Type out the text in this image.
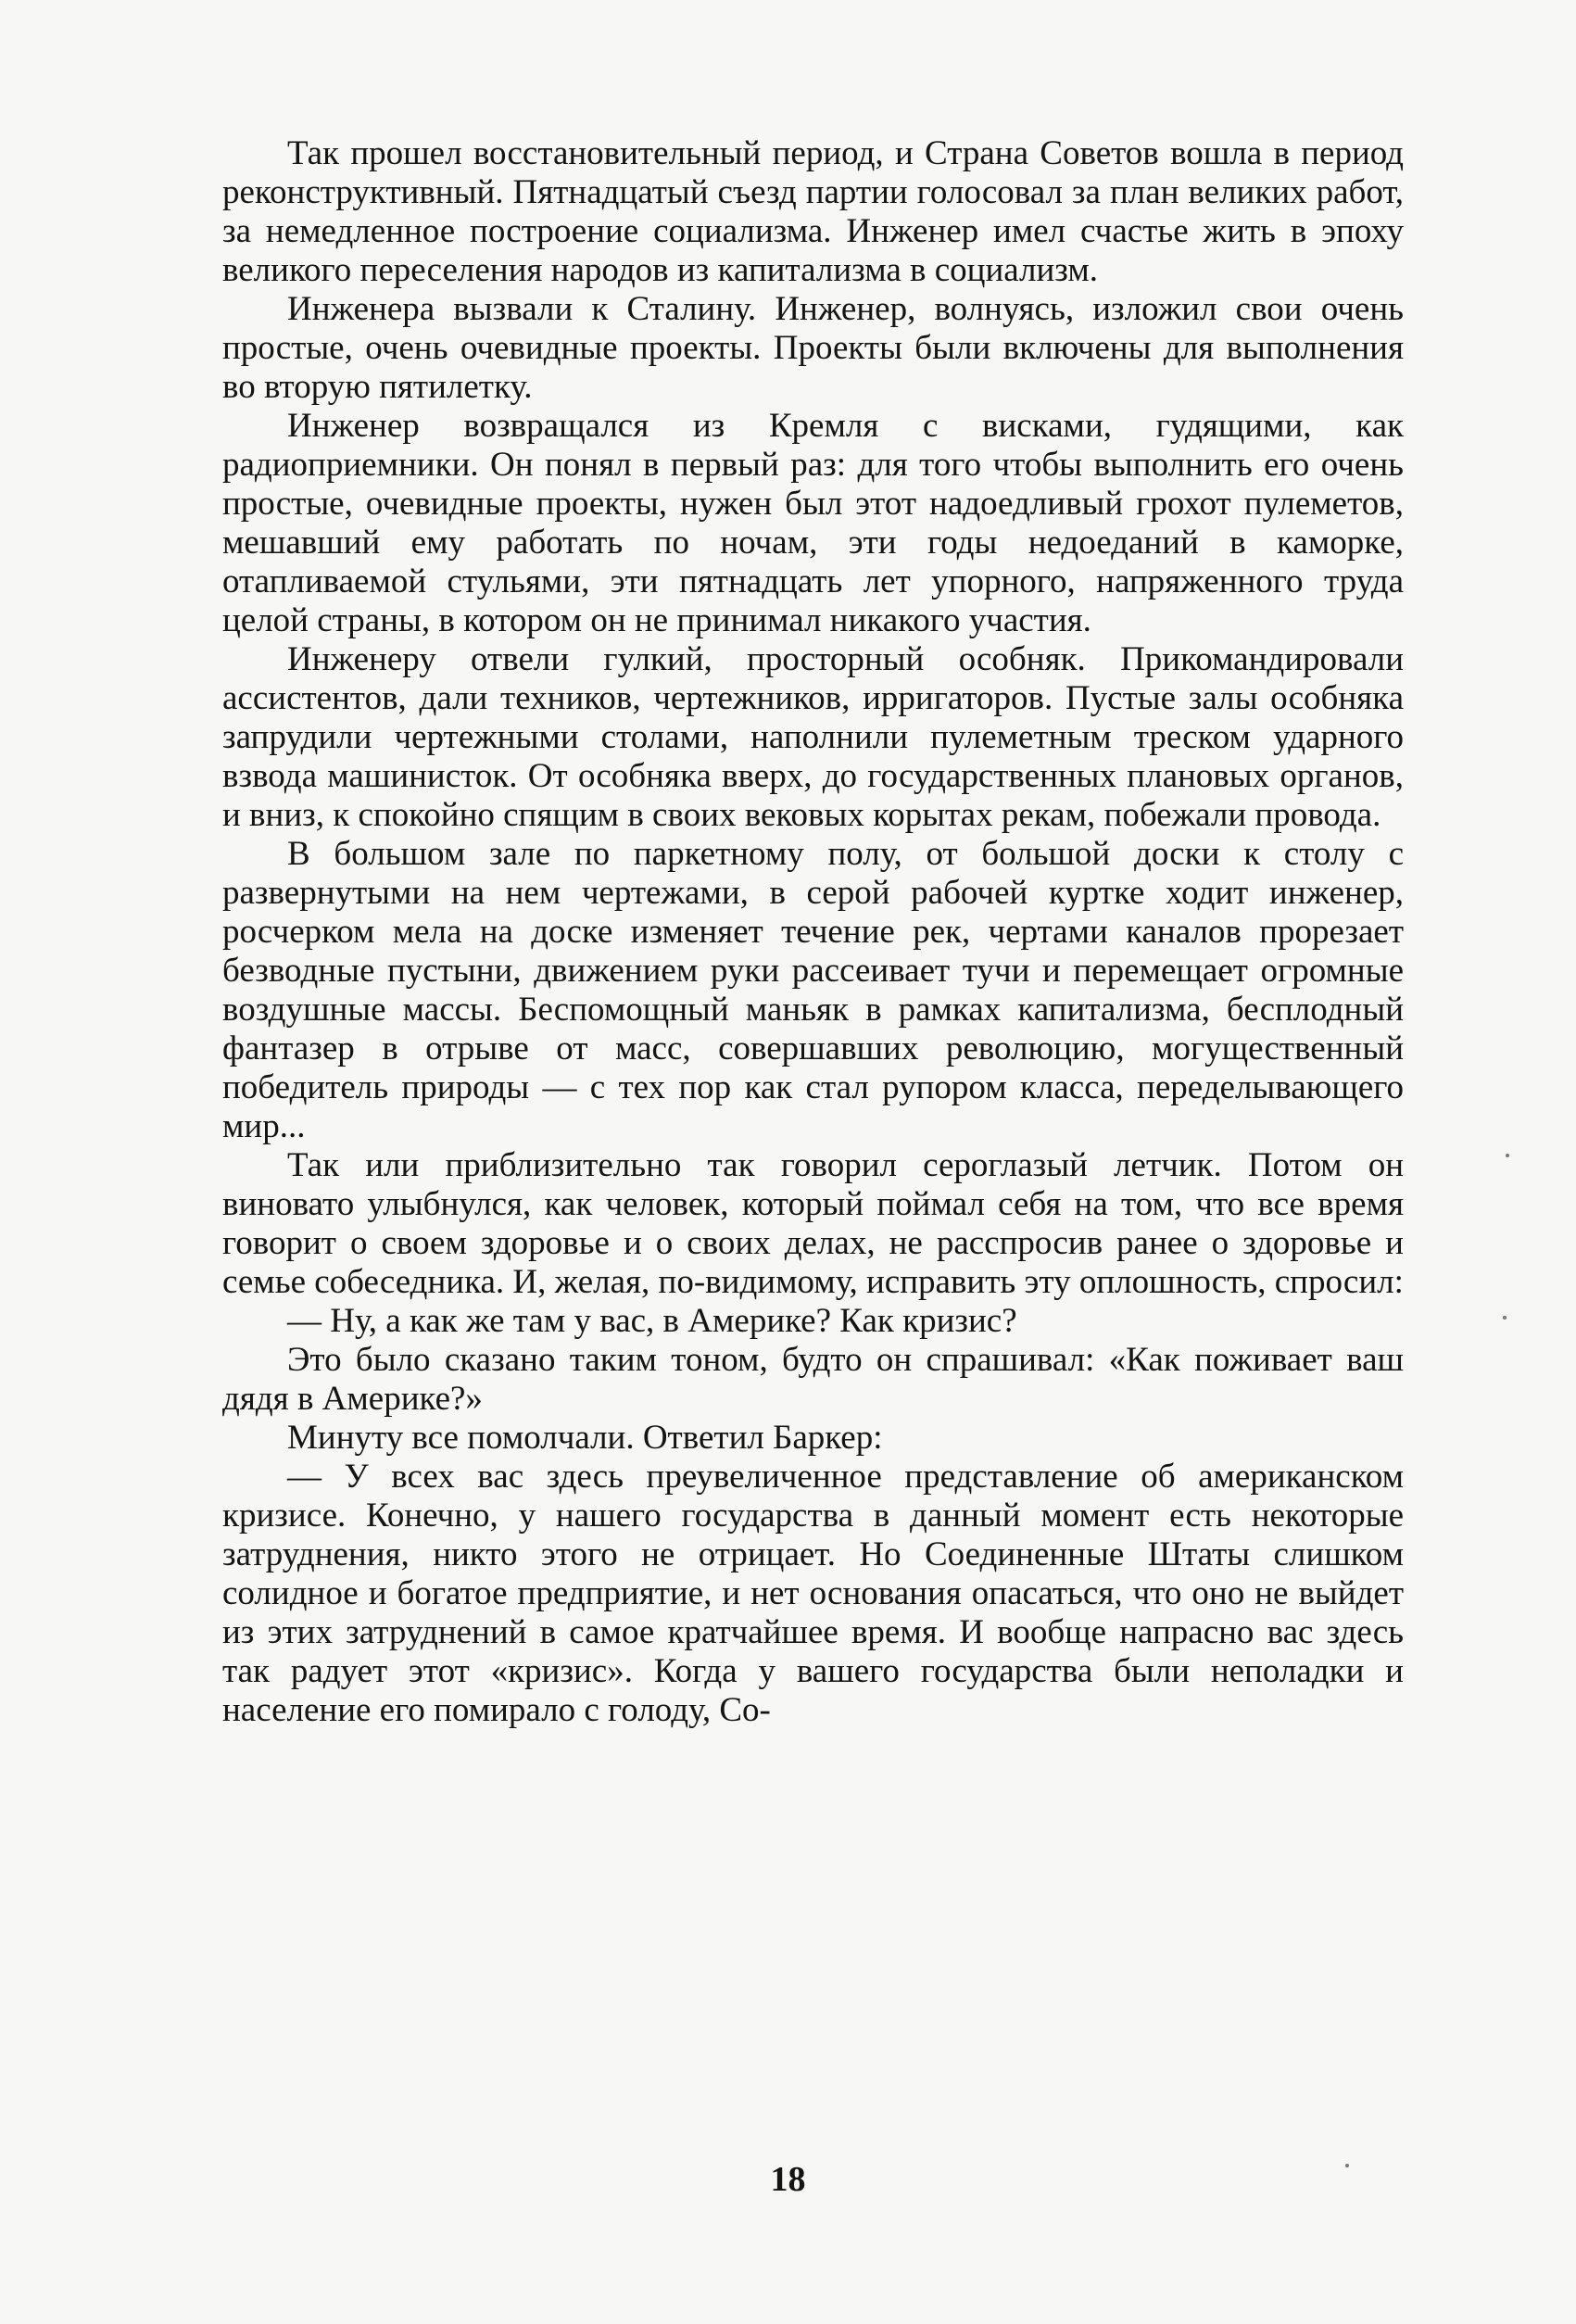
Так прошел восстановительный период, и Страна Советов вошла в период реконструктивный. Пятнадцатый съезд партии голосовал за план великих работ, за немедленное построение социализма. Инженер имел счастье жить в эпоху великого переселения народов из капитализма в социализм.

Инженера вызвали к Сталину. Инженер, волнуясь, изложил свои очень простые, очень очевидные проекты. Проекты были включены для выполнения во вторую пятилетку.

Инженер возвращался из Кремля с висками, гудящими, как радиоприемники. Он понял в первый раз: для того чтобы выполнить его очень простые, очевидные проекты, нужен был этот надоедливый грохот пулеметов, мешавший ему работать по ночам, эти годы недоеданий в каморке, отапливаемой стульями, эти пятнадцать лет упорного, напряженного труда целой страны, в котором он не принимал никакого участия.

Инженеру отвели гулкий, просторный особняк. Прикомандировали ассистентов, дали техников, чертежников, ирригаторов. Пустые залы особняка запрудили чертежными столами, наполнили пулеметным треском ударного взвода машинисток. От особняка вверх, до государственных плановых органов, и вниз, к спокойно спящим в своих вековых корытах рекам, побежали провода.

В большом зале по паркетному полу, от большой доски к столу с развернутыми на нем чертежами, в серой рабочей куртке ходит инженер, росчерком мела на доске изменяет течение рек, чертами каналов прорезает безводные пустыни, движением руки рассеивает тучи и перемещает огромные воздушные массы. Беспомощный маньяк в рамках капитализма, бесплодный фантазер в отрыве от масс, совершавших революцию, могущественный победитель природы — с тех пор как стал рупором класса, переделывающего мир...

Так или приблизительно так говорил сероглазый летчик. Потом он виновато улыбнулся, как человек, который поймал себя на том, что все время говорит о своем здоровье и о своих делах, не расспросив ранее о здоровье и семье собеседника. И, желая, по-видимому, исправить эту оплошность, спросил:

— Ну, а как же там у вас, в Америке? Как кризис?

Это было сказано таким тоном, будто он спрашивал: «Как поживает ваш дядя в Америке?»

Минуту все помолчали. Ответил Баркер:

— У всех вас здесь преувеличенное представление об американском кризисе. Конечно, у нашего государства в данный момент есть некоторые затруднения, никто этого не отрицает. Но Соединенные Штаты слишком солидное и богатое предприятие, и нет основания опасаться, что оно не выйдет из этих затруднений в самое кратчайшее время. И вообще напрасно вас здесь так радует этот «кризис». Когда у вашего государства были неполадки и население его помирало с голоду, Со-

18
